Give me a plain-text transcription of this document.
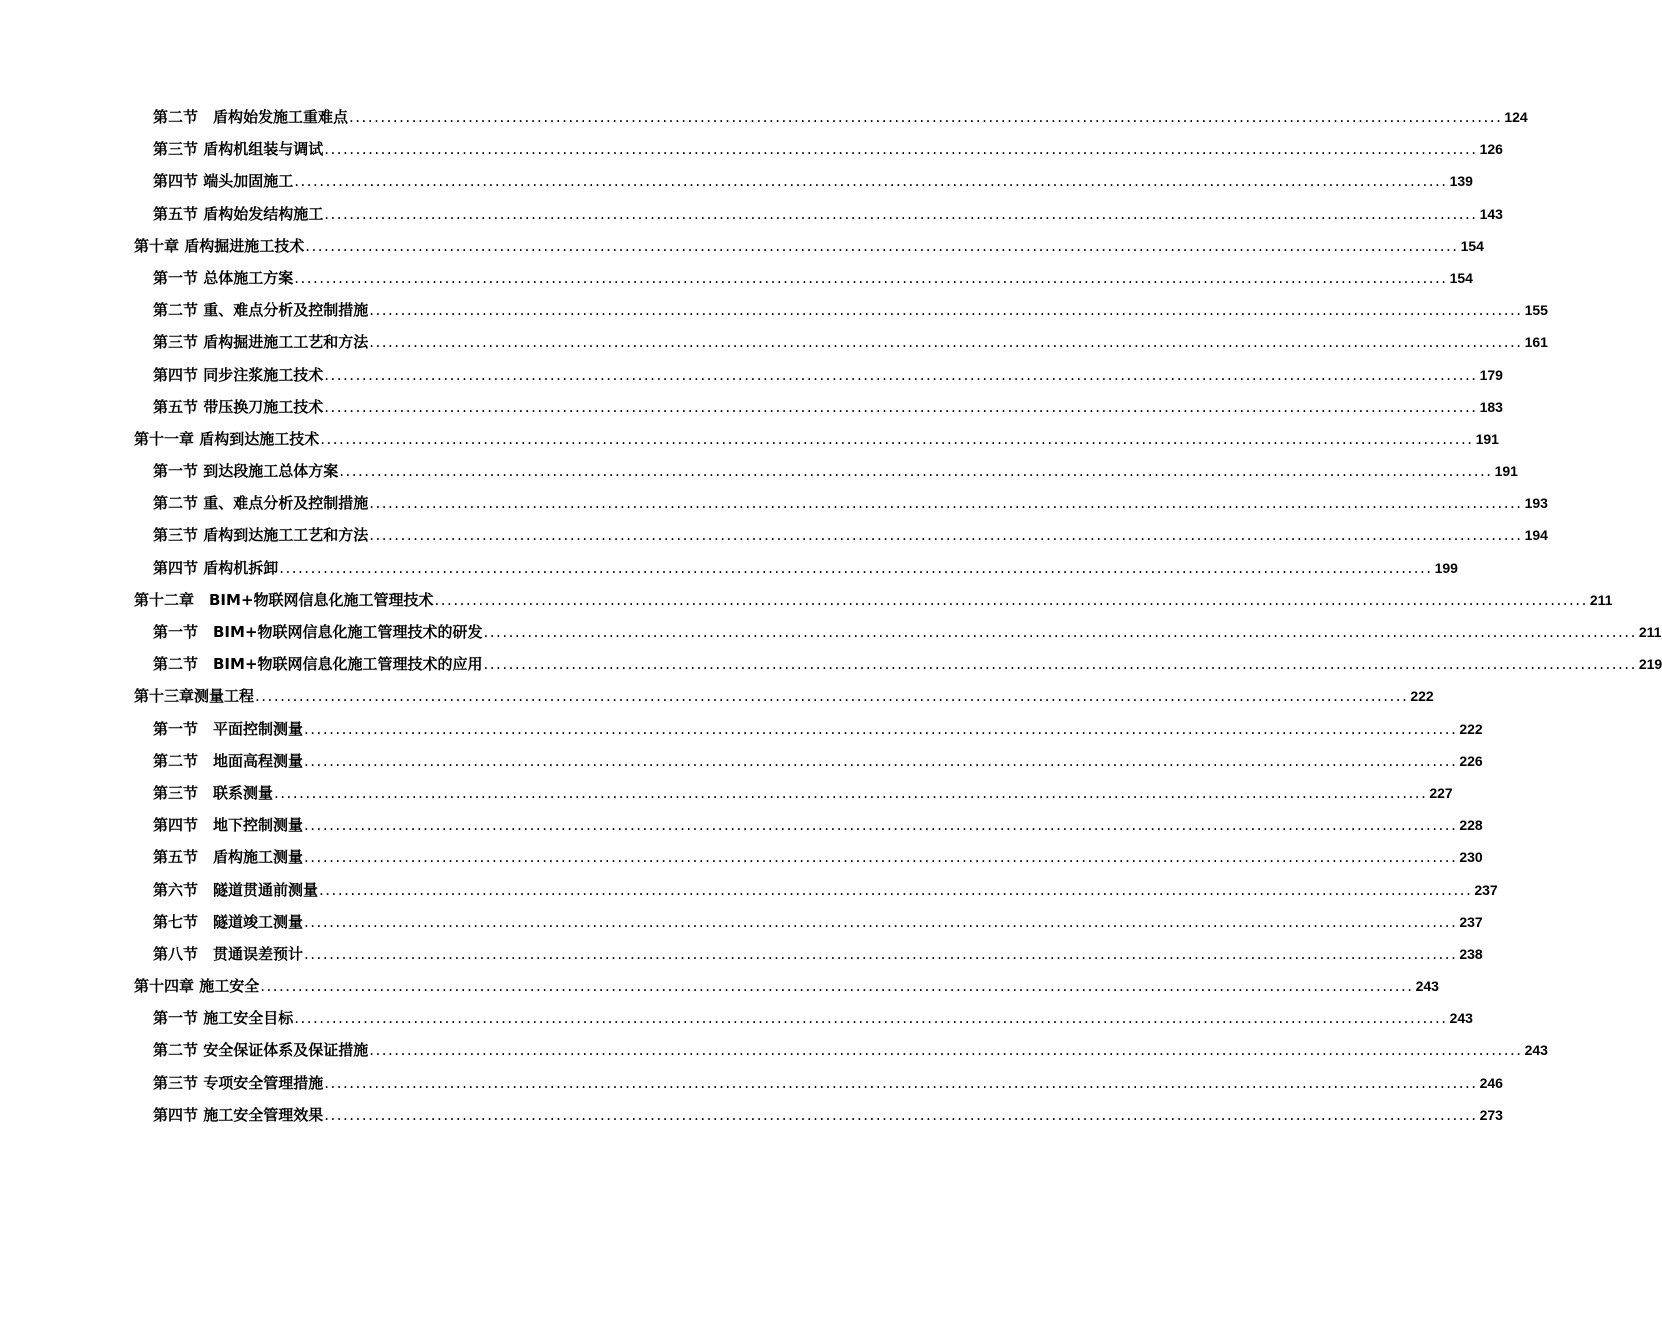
第二节　盾构始发施工重难点 ........................................................................................................................................................................................ 124
第三节 盾构机组装与调试 ........................................................................................................................................................................................ 126
第四节 端头加固施工 ........................................................................................................................................................................................ 139
第五节 盾构始发结构施工 ........................................................................................................................................................................................ 143
第十章 盾构掘进施工技术 ........................................................................................................................................................................................ 154
第一节 总体施工方案 ........................................................................................................................................................................................ 154
第二节 重、难点分析及控制措施 ........................................................................................................................................................................................ 155
第三节 盾构掘进施工工艺和方法 ........................................................................................................................................................................................ 161
第四节 同步注浆施工技术 ........................................................................................................................................................................................ 179
第五节 带压换刀施工技术 ........................................................................................................................................................................................ 183
第十一章 盾构到达施工技术 ........................................................................................................................................................................................ 191
第一节 到达段施工总体方案 ........................................................................................................................................................................................ 191
第二节 重、难点分析及控制措施 ........................................................................................................................................................................................ 193
第三节 盾构到达施工工艺和方法 ........................................................................................................................................................................................ 194
第四节 盾构机拆卸 ........................................................................................................................................................................................ 199
第十二章　BIM+物联网信息化施工管理技术 ........................................................................................................................................................................................ 211
第一节　BIM+物联网信息化施工管理技术的研发 ........................................................................................................................................................................................ 211
第二节　BIM+物联网信息化施工管理技术的应用 ........................................................................................................................................................................................ 219
第十三章测量工程 ........................................................................................................................................................................................ 222
第一节　平面控制测量 ........................................................................................................................................................................................ 222
第二节　地面高程测量 ........................................................................................................................................................................................ 226
第三节　联系测量 ........................................................................................................................................................................................ 227
第四节　地下控制测量 ........................................................................................................................................................................................ 228
第五节　盾构施工测量 ........................................................................................................................................................................................ 230
第六节　隧道贯通前测量 ........................................................................................................................................................................................ 237
第七节　隧道竣工测量 ........................................................................................................................................................................................ 237
第八节　贯通误差预计 ........................................................................................................................................................................................ 238
第十四章 施工安全 ........................................................................................................................................................................................ 243
第一节 施工安全目标 ........................................................................................................................................................................................ 243
第二节 安全保证体系及保证措施 ........................................................................................................................................................................................ 243
第三节 专项安全管理措施 ........................................................................................................................................................................................ 246
第四节 施工安全管理效果 ........................................................................................................................................................................................ 273
